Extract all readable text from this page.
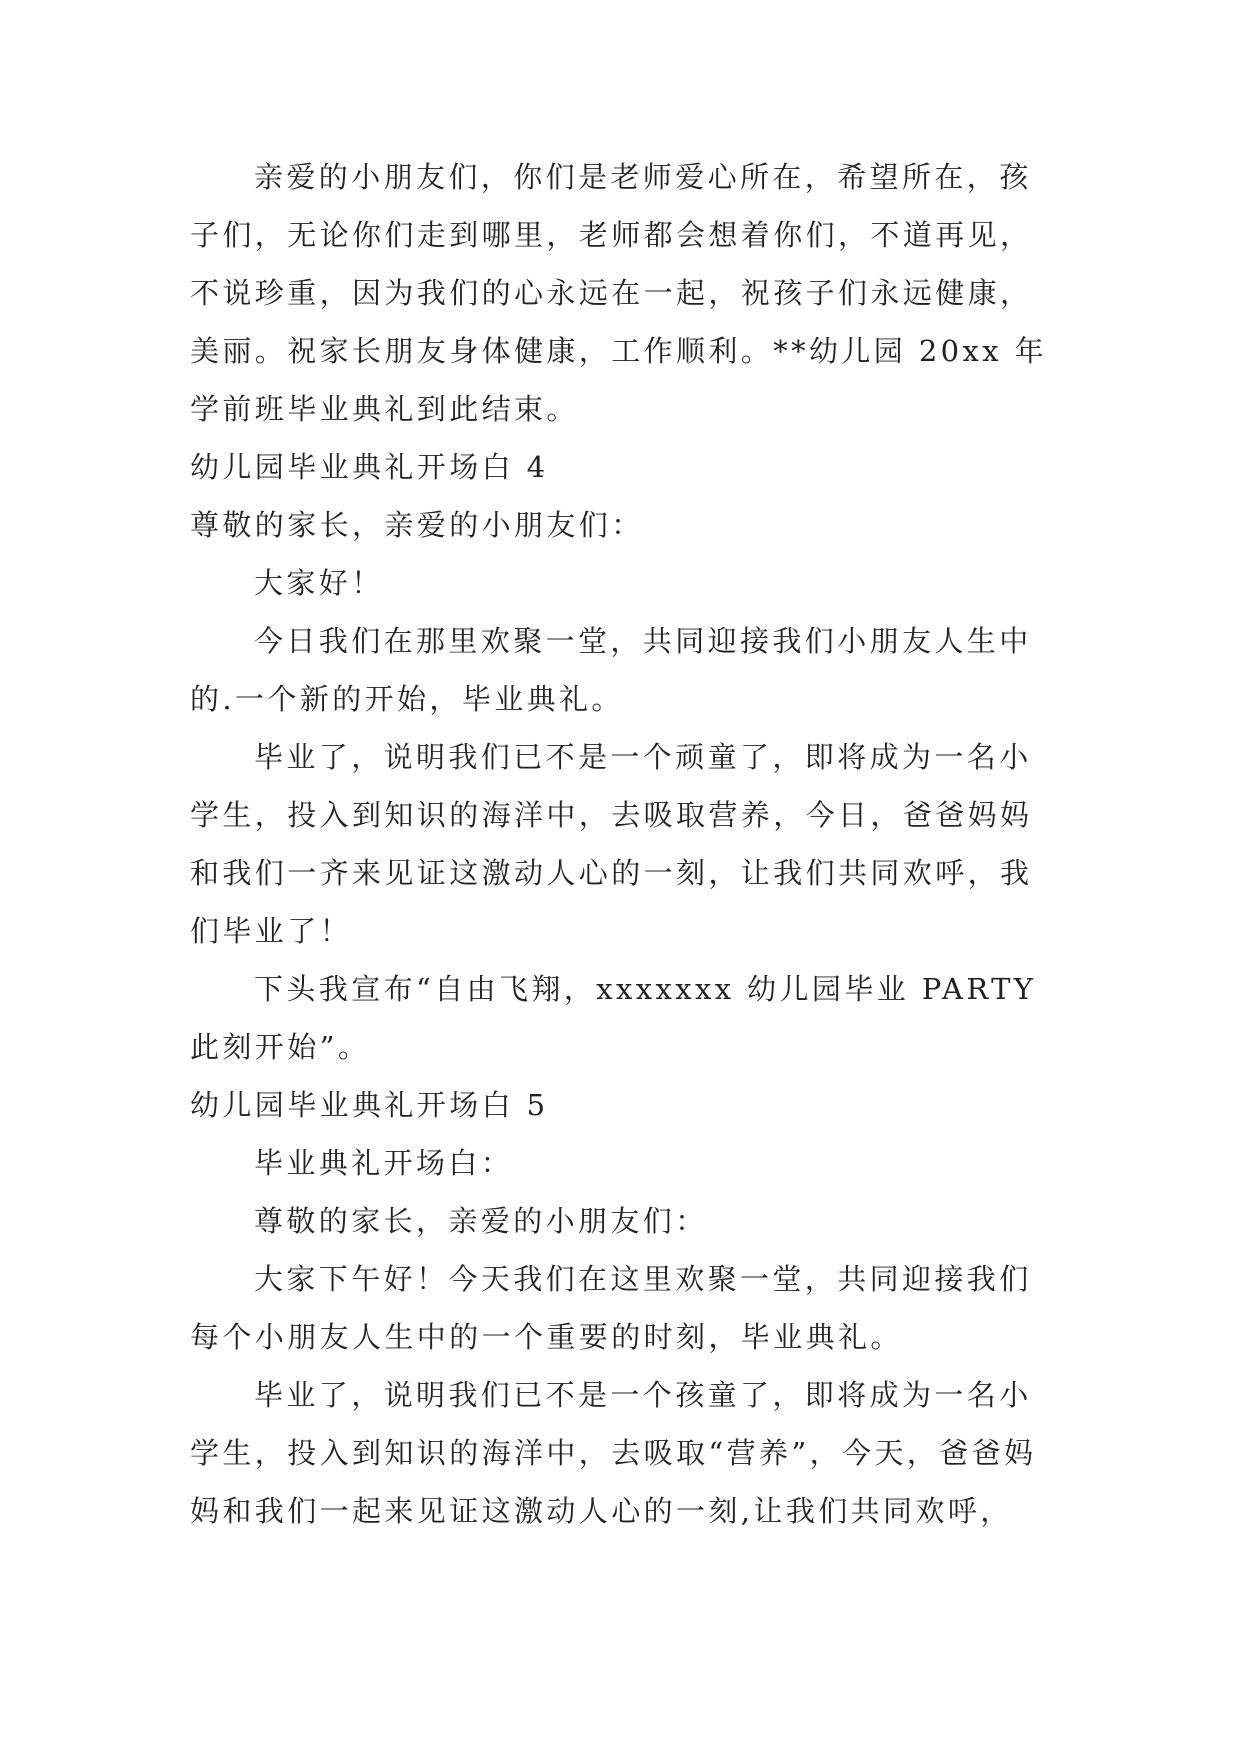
亲爱的小朋友们，你们是老师爱心所在，希望所在，孩子们，无论你们走到哪里，老师都会想着你们，不道再见，不说珍重，因为我们的心永远在一起，祝孩子们永远健康，美丽。祝家长朋友身体健康，工作顺利。**幼儿园 20xx 年学前班毕业典礼到此结束。

幼儿园毕业典礼开场白 4

尊敬的家长，亲爱的小朋友们：

大家好！

今日我们在那里欢聚一堂，共同迎接我们小朋友人生中的.一个新的开始，毕业典礼。

毕业了，说明我们已不是一个顽童了，即将成为一名小学生，投入到知识的海洋中，去吸取营养，今日，爸爸妈妈和我们一齐来见证这激动人心的一刻，让我们共同欢呼，我们毕业了！

下头我宣布“自由飞翔，xxxxxxx 幼儿园毕业 PARTY 此刻开始”。

幼儿园毕业典礼开场白 5

毕业典礼开场白：

尊敬的家长，亲爱的小朋友们：

大家下午好！今天我们在这里欢聚一堂，共同迎接我们每个小朋友人生中的一个重要的时刻，毕业典礼。

毕业了，说明我们已不是一个孩童了，即将成为一名小学生，投入到知识的海洋中，去吸取“营养”，今天，爸爸妈妈和我们一起来见证这激动人心的一刻,让我们共同欢呼，
